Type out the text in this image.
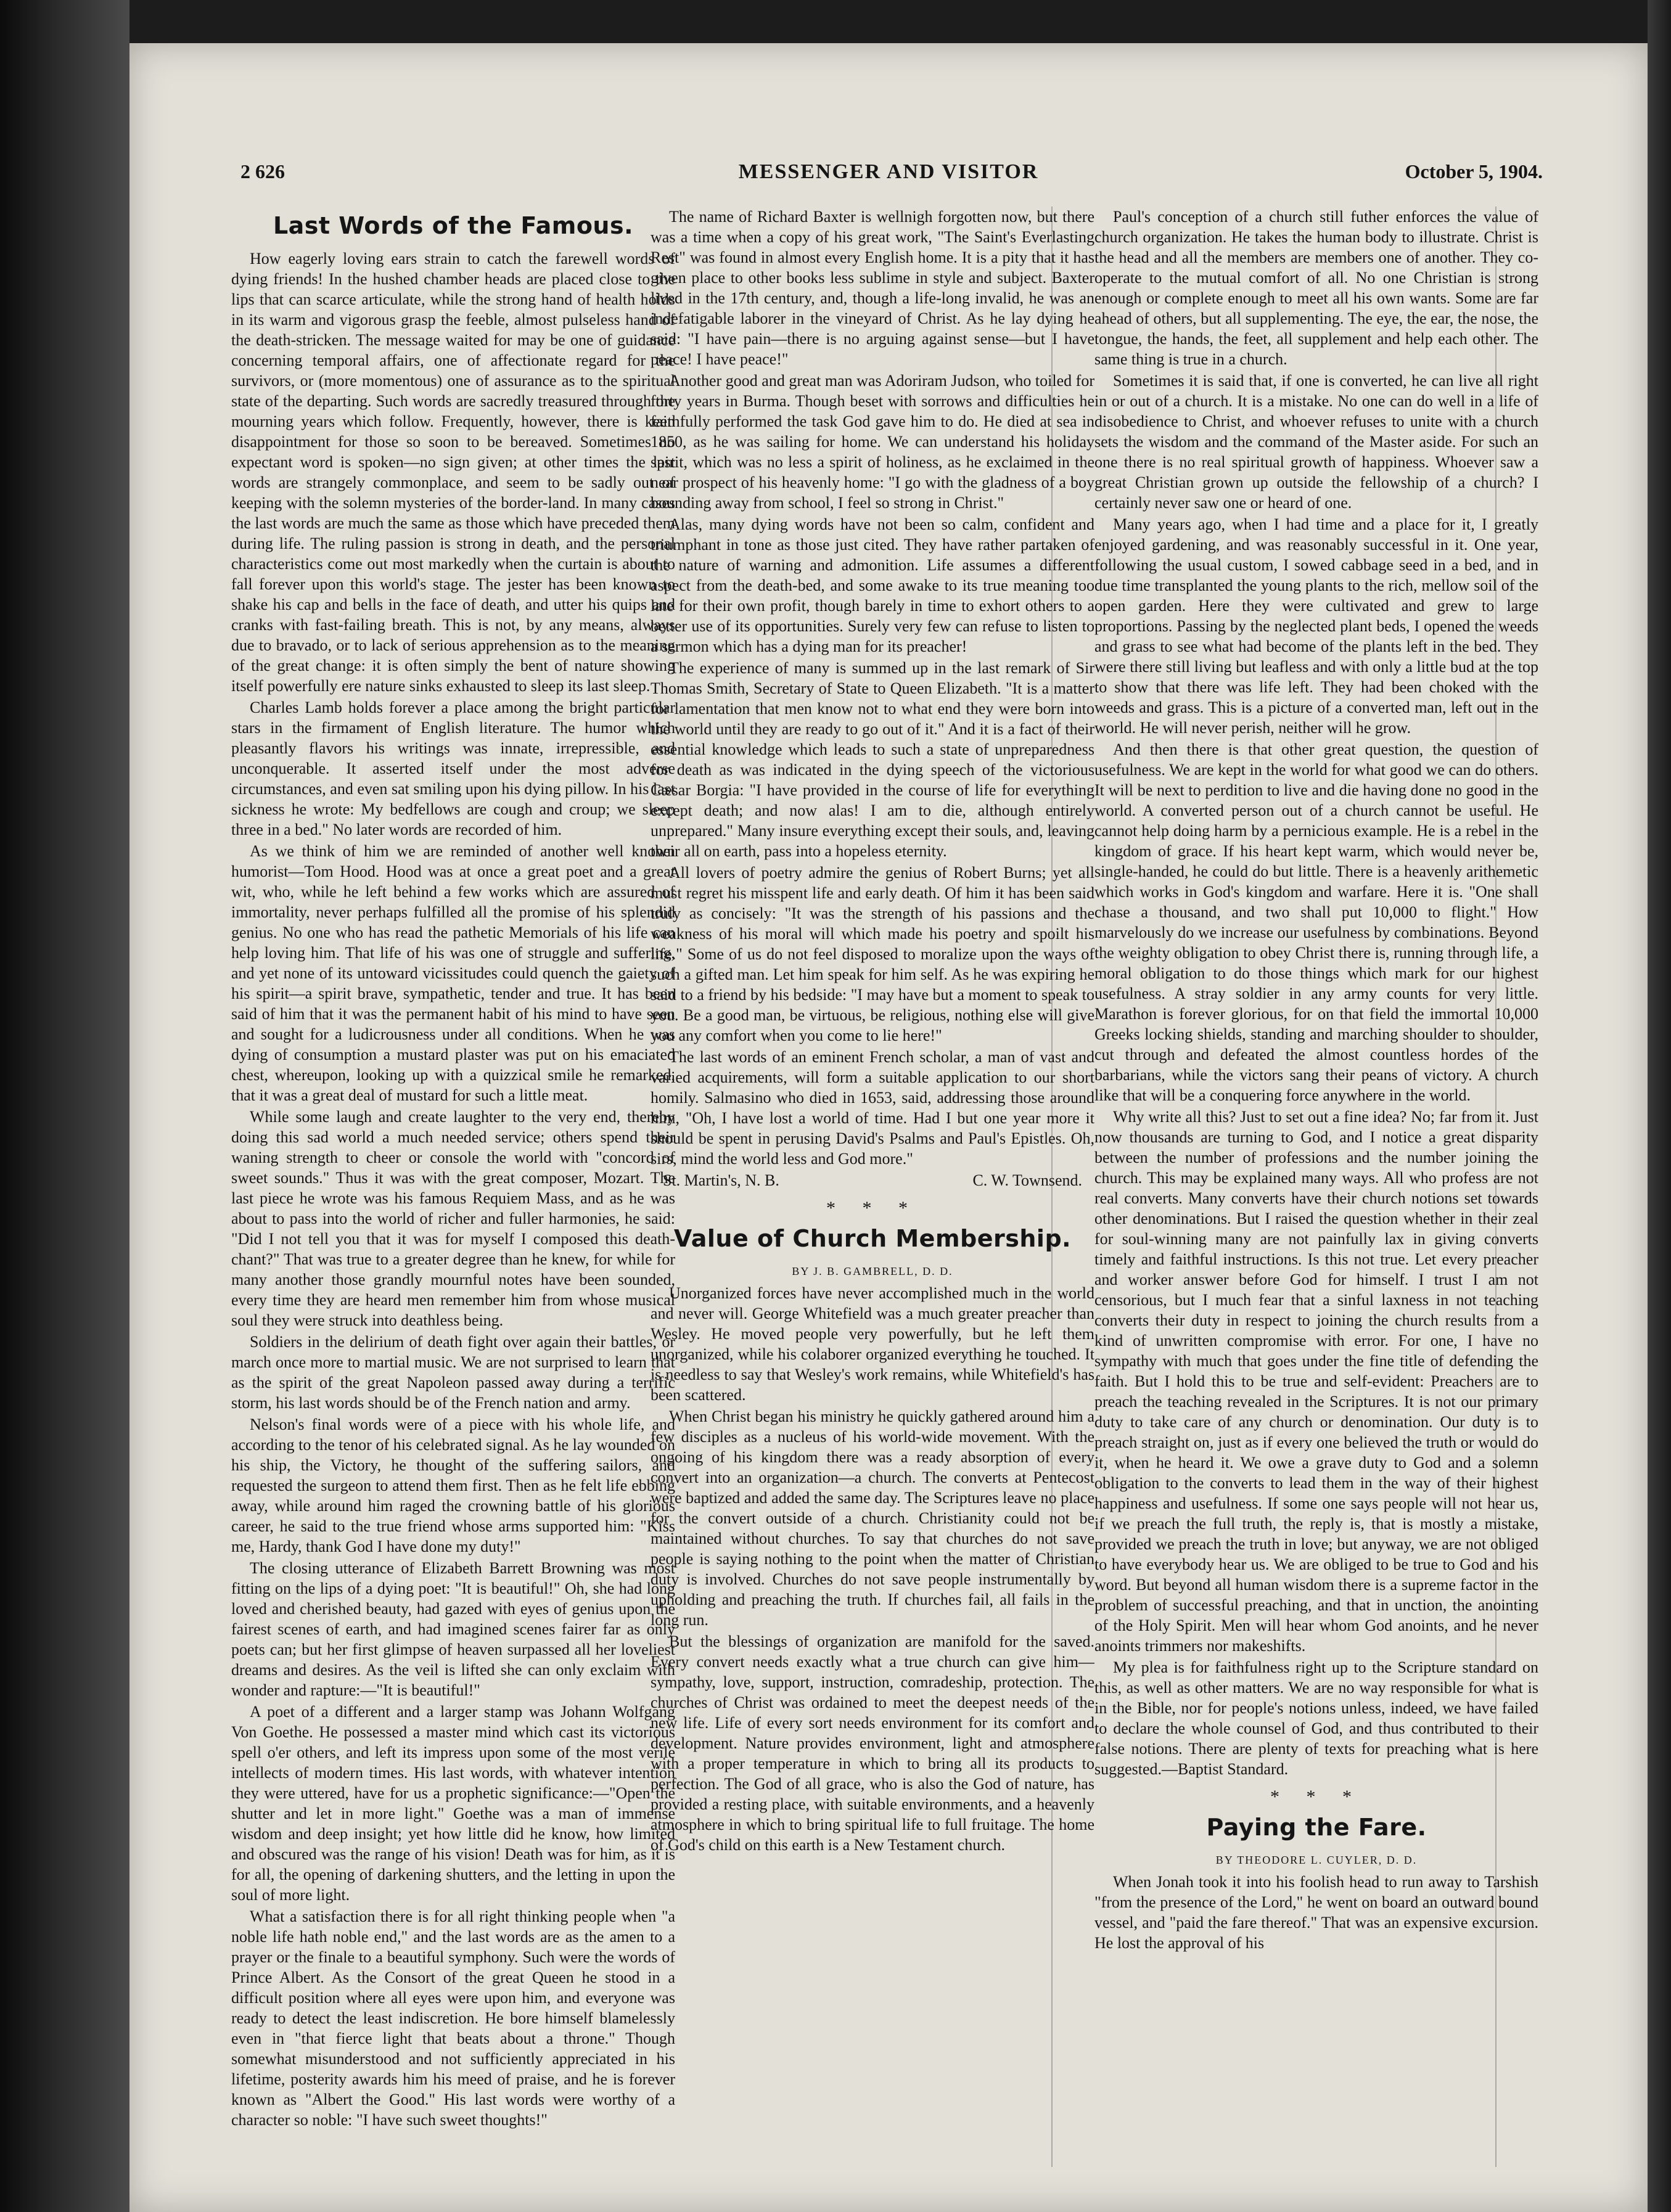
2 626	MESSENGER AND VISITOR	October 5, 1904.
Last Words of the Famous.

How eagerly loving ears strain to catch the farewell words of dying friends! In the hushed chamber heads are placed close to the lips that can scarce articulate, while the strong hand of health holds in its warm and vigorous grasp the feeble, almost pulseless hand of the death-stricken. The message waited for may be one of guidance concerning temporal affairs, one of affectionate regard for the survivors, or (more momentous) one of assurance as to the spiritual state of the departing. Such words are sacredly treasured through the mourning years which follow. Frequently, however, there is keen disappointment for those so soon to be bereaved. Sometimes no expectant word is spoken—no sign given; at other times the last words are strangely commonplace, and seem to be sadly out of keeping with the solemn mysteries of the border-land. In many cases the last words are much the same as those which have preceded them during life. The ruling passion is strong in death, and the personal characteristics come out most markedly when the curtain is about to fall forever upon this world's stage. The jester has been known to shake his cap and bells in the face of death, and utter his quips and cranks with fast-failing breath. This is not, by any means, always due to bravado, or to lack of serious apprehension as to the meaning of the great change: it is often simply the bent of nature showing itself powerfully ere nature sinks exhausted to sleep its last sleep.

Charles Lamb holds forever a place among the bright particular stars in the firmament of English literature. The humor which pleasantly flavors his writings was innate, irrepressible, and unconquerable. It asserted itself under the most adverse circumstances, and even sat smiling upon his dying pillow. In his last sickness he wrote: My bedfellows are cough and croup; we sleep three in a bed." No later words are recorded of him.

As we think of him we are reminded of another well known humorist—Tom Hood. Hood was at once a great poet and a great wit, who, while he left behind a few works which are assured of immortality, never perhaps fulfilled all the promise of his splendid genius. No one who has read the pathetic Memorials of his life can help loving him. That life of his was one of struggle and suffering, and yet none of its untoward vicissitudes could quench the gaiety of his spirit—a spirit brave, sympathetic, tender and true. It has been said of him that it was the permanent habit of his mind to have seen and sought for a ludicrousness under all conditions. When he was dying of consumption a mustard plaster was put on his emaciated chest, whereupon, looking up with a quizzical smile he remarked, that it was a great deal of mustard for such a little meat.

While some laugh and create laughter to the very end, thereby doing this sad world a much needed service; others spend their waning strength to cheer or console the world with "concord of sweet sounds." Thus it was with the great composer, Mozart. The last piece he wrote was his famous Requiem Mass, and as he was about to pass into the world of richer and fuller harmonies, he said: "Did I not tell you that it was for myself I composed this death-chant?" That was true to a greater degree than he knew, for while for many another those grandly mournful notes have been sounded, every time they are heard men remember him from whose musical soul they were struck into deathless being.

Soldiers in the delirium of death fight over again their battles, or march once more to martial music. We are not surprised to learn that as the spirit of the great Napoleon passed away during a terrific storm, his last words should be of the French nation and army.

Nelson's final words were of a piece with his whole life, and according to the tenor of his celebrated signal. As he lay wounded on his ship, the Victory, he thought of the suffering sailors, and requested the surgeon to attend them first. Then as he felt life ebbing away, while around him raged the crowning battle of his glorious career, he said to the true friend whose arms supported him: "Kiss me, Hardy, thank God I have done my duty!"

The closing utterance of Elizabeth Barrett Browning was most fitting on the lips of a dying poet: "It is beautiful!" Oh, she had long loved and cherished beauty, had gazed with eyes of genius upon the fairest scenes of earth, and had imagined scenes fairer far as only poets can; but her first glimpse of heaven surpassed all her loveliest dreams and desires. As the veil is lifted she can only exclaim with wonder and rapture:—"It is beautiful!"

A poet of a different and a larger stamp was Johann Wolfgang Von Goethe. He possessed a master mind which cast its victorious spell o'er others, and left its impress upon some of the most verile intellects of modern times. His last words, with whatever intention they were uttered, have for us a prophetic significance:—"Open the shutter and let in more light." Goethe was a man of immense wisdom and deep insight; yet how little did he know, how limited and obscured was the range of his vision! Death was for him, as it is for all, the opening of darkening shutters, and the letting in upon the soul of more light.

What a satisfaction there is for all right thinking people when "a noble life hath noble end," and the last words are as the amen to a prayer or the finale to a beautiful symphony. Such were the words of Prince Albert. As the Consort of the great Queen he stood in a difficult position where all eyes were upon him, and everyone was ready to detect the least indiscretion. He bore himself blamelessly even in "that fierce light that beats about a throne." Though somewhat misunderstood and not sufficiently appreciated in his lifetime, posterity awards him his meed of praise, and he is forever known as "Albert the Good." His last words were worthy of a character so noble: "I have such sweet thoughts!"

The name of Richard Baxter is wellnigh forgotten now, but there was a time when a copy of his great work, "The Saint's Everlasting Rest" was found in almost every English home. It is a pity that it has given place to other books less sublime in style and subject. Baxter lived in the 17th century, and, though a life-long invalid, he was an indefatigable laborer in the vineyard of Christ. As he lay dying he said: "I have pain—there is no arguing against sense—but I have peace! I have peace!"

Another good and great man was Adoriram Judson, who toiled for forty years in Burma. Though beset with sorrows and difficulties he faithfully performed the task God gave him to do. He died at sea in 1850, as he was sailing for home. We can understand his holiday spirit, which was no less a spirit of holiness, as he exclaimed in the near prospect of his heavenly home: "I go with the gladness of a boy bounding away from school, I feel so strong in Christ."

Alas, many dying words have not been so calm, confident and triumphant in tone as those just cited. They have rather partaken of the nature of warning and admonition. Life assumes a different aspect from the death-bed, and some awake to its true meaning too late for their own profit, though barely in time to exhort others to a better use of its opportunities. Surely very few can refuse to listen to a sermon which has a dying man for its preacher!

The experience of many is summed up in the last remark of Sir Thomas Smith, Secretary of State to Queen Elizabeth. "It is a matter for lamentation that men know not to what end they were born into the world until they are ready to go out of it." And it is a fact of their essential knowledge which leads to such a state of unpreparedness for death as was indicated in the dying speech of the victorious Cæsar Borgia: "I have provided in the course of life for everything except death; and now alas! I am to die, although entirely unprepared." Many insure everything except their souls, and, leaving their all on earth, pass into a hopeless eternity.

All lovers of poetry admire the genius of Robert Burns; yet all must regret his misspent life and early death. Of him it has been said truly as concisely: "It was the strength of his passions and the weakness of his moral will which made his poetry and spoilt his life." Some of us do not feel disposed to moralize upon the ways of such a gifted man. Let him speak for him self. As he was expiring he said to a friend by his bedside: "I may have but a moment to speak to you. Be a good man, be virtuous, be religious, nothing else will give you any comfort when you come to lie here!"

The last words of an eminent French scholar, a man of vast and varied acquirements, will form a suitable application to our short homily. Salmasino who died in 1653, said, addressing those around him, "Oh, I have lost a world of time. Had I but one year more it should be spent in perusing David's Psalms and Paul's Epistles. Oh, sirs, mind the world less and God more."

St. Martin's, N. B.	C. W. Townsend.

* * *
Value of Church Membership.

BY J. B. GAMBRELL, D. D.

Unorganized forces have never accomplished much in the world and never will. George Whitefield was a much greater preacher than Wesley. He moved people very powerfully, but he left them unorganized, while his colaborer organized everything he touched. It is needless to say that Wesley's work remains, while Whitefield's has been scattered.

When Christ began his ministry he quickly gathered around him a few disciples as a nucleus of his world-wide movement. With the ongoing of his kingdom there was a ready absorption of every convert into an organization—a church. The converts at Pentecost were baptized and added the same day. The Scriptures leave no place for the convert outside of a church. Christianity could not be maintained without churches. To say that churches do not save people is saying nothing to the point when the matter of Christian duty is involved. Churches do not save people instrumentally by upholding and preaching the truth. If churches fail, all fails in the long run.

But the blessings of organization are manifold for the saved. Every convert needs exactly what a true church can give him—sympathy, love, support, instruction, comradeship, protection. The churches of Christ was ordained to meet the deepest needs of the new life. Life of every sort needs environment for its comfort and development. Nature provides environment, light and atmosphere with a proper temperature in which to bring all its products to perfection. The God of all grace, who is also the God of nature, has provided a resting place, with suitable environments, and a heavenly atmosphere in which to bring spiritual life to full fruitage. The home of God's child on this earth is a New Testament church.

Paul's conception of a church still futher enforces the value of church organization. He takes the human body to illustrate. Christ is the head and all the members are members one of another. They co-operate to the mutual comfort of all. No one Christian is strong enough or complete enough to meet all his own wants. Some are far ahead of others, but all supplementing. The eye, the ear, the nose, the tongue, the hands, the feet, all supplement and help each other. The same thing is true in a church.

Sometimes it is said that, if one is converted, he can live all right in or out of a church. It is a mistake. No one can do well in a life of disobedience to Christ, and whoever refuses to unite with a church sets the wisdom and the command of the Master aside. For such an one there is no real spiritual growth of happiness. Whoever saw a great Christian grown up outside the fellowship of a church? I certainly never saw one or heard of one.

Many years ago, when I had time and a place for it, I greatly enjoyed gardening, and was reasonably successful in it. One year, following the usual custom, I sowed cabbage seed in a bed, and in due time transplanted the young plants to the rich, mellow soil of the open garden. Here they were cultivated and grew to large proportions. Passing by the neglected plant beds, I opened the weeds and grass to see what had become of the plants left in the bed. They were there still living but leafless and with only a little bud at the top to show that there was life left. They had been choked with the weeds and grass. This is a picture of a converted man, left out in the world. He will never perish, neither will he grow.

And then there is that other great question, the question of usefulness. We are kept in the world for what good we can do others. It will be next to perdition to live and die having done no good in the world. A converted person out of a church cannot be useful. He cannot help doing harm by a pernicious example. He is a rebel in the kingdom of grace. If his heart kept warm, which would never be, single-handed, he could do but little. There is a heavenly arithemetic which works in God's kingdom and warfare. Here it is. "One shall chase a thousand, and two shall put 10,000 to flight." How marvelously do we increase our usefulness by combinations. Beyond the weighty obligation to obey Christ there is, running through life, a moral obligation to do those things which mark for our highest usefulness. A stray soldier in any army counts for very little. Marathon is forever glorious, for on that field the immortal 10,000 Greeks locking shields, standing and marching shoulder to shoulder, cut through and defeated the almost countless hordes of the barbarians, while the victors sang their peans of victory. A church like that will be a conquering force anywhere in the world.

Why write all this? Just to set out a fine idea? No; far from it. Just now thousands are turning to God, and I notice a great disparity between the number of professions and the number joining the church. This may be explained many ways. All who profess are not real converts. Many converts have their church notions set towards other denominations. But I raised the question whether in their zeal for soul-winning many are not painfully lax in giving converts timely and faithful instructions. Is this not true. Let every preacher and worker answer before God for himself. I trust I am not censorious, but I much fear that a sinful laxness in not teaching converts their duty in respect to joining the church results from a kind of unwritten compromise with error. For one, I have no sympathy with much that goes under the fine title of defending the faith. But I hold this to be true and self-evident: Preachers are to preach the teaching revealed in the Scriptures. It is not our primary duty to take care of any church or denomination. Our duty is to preach straight on, just as if every one believed the truth or would do it, when he heard it. We owe a grave duty to God and a solemn obligation to the converts to lead them in the way of their highest happiness and usefulness. If some one says people will not hear us, if we preach the full truth, the reply is, that is mostly a mistake, provided we preach the truth in love; but anyway, we are not obliged to have everybody hear us. We are obliged to be true to God and his word. But beyond all human wisdom there is a supreme factor in the problem of successful preaching, and that in unction, the anointing of the Holy Spirit. Men will hear whom God anoints, and he never anoints trimmers nor makeshifts.

My plea is for faithfulness right up to the Scripture standard on this, as well as other matters. We are no way responsible for what is in the Bible, nor for people's notions unless, indeed, we have failed to declare the whole counsel of God, and thus contributed to their false notions. There are plenty of texts for preaching what is here suggested.—Baptist Standard.

* * *
Paying the Fare.

BY THEODORE L. CUYLER, D. D.

When Jonah took it into his foolish head to run away to Tarshish "from the presence of the Lord," he went on board an outward bound vessel, and "paid the fare thereof." That was an expensive excursion. He lost the approval of his
